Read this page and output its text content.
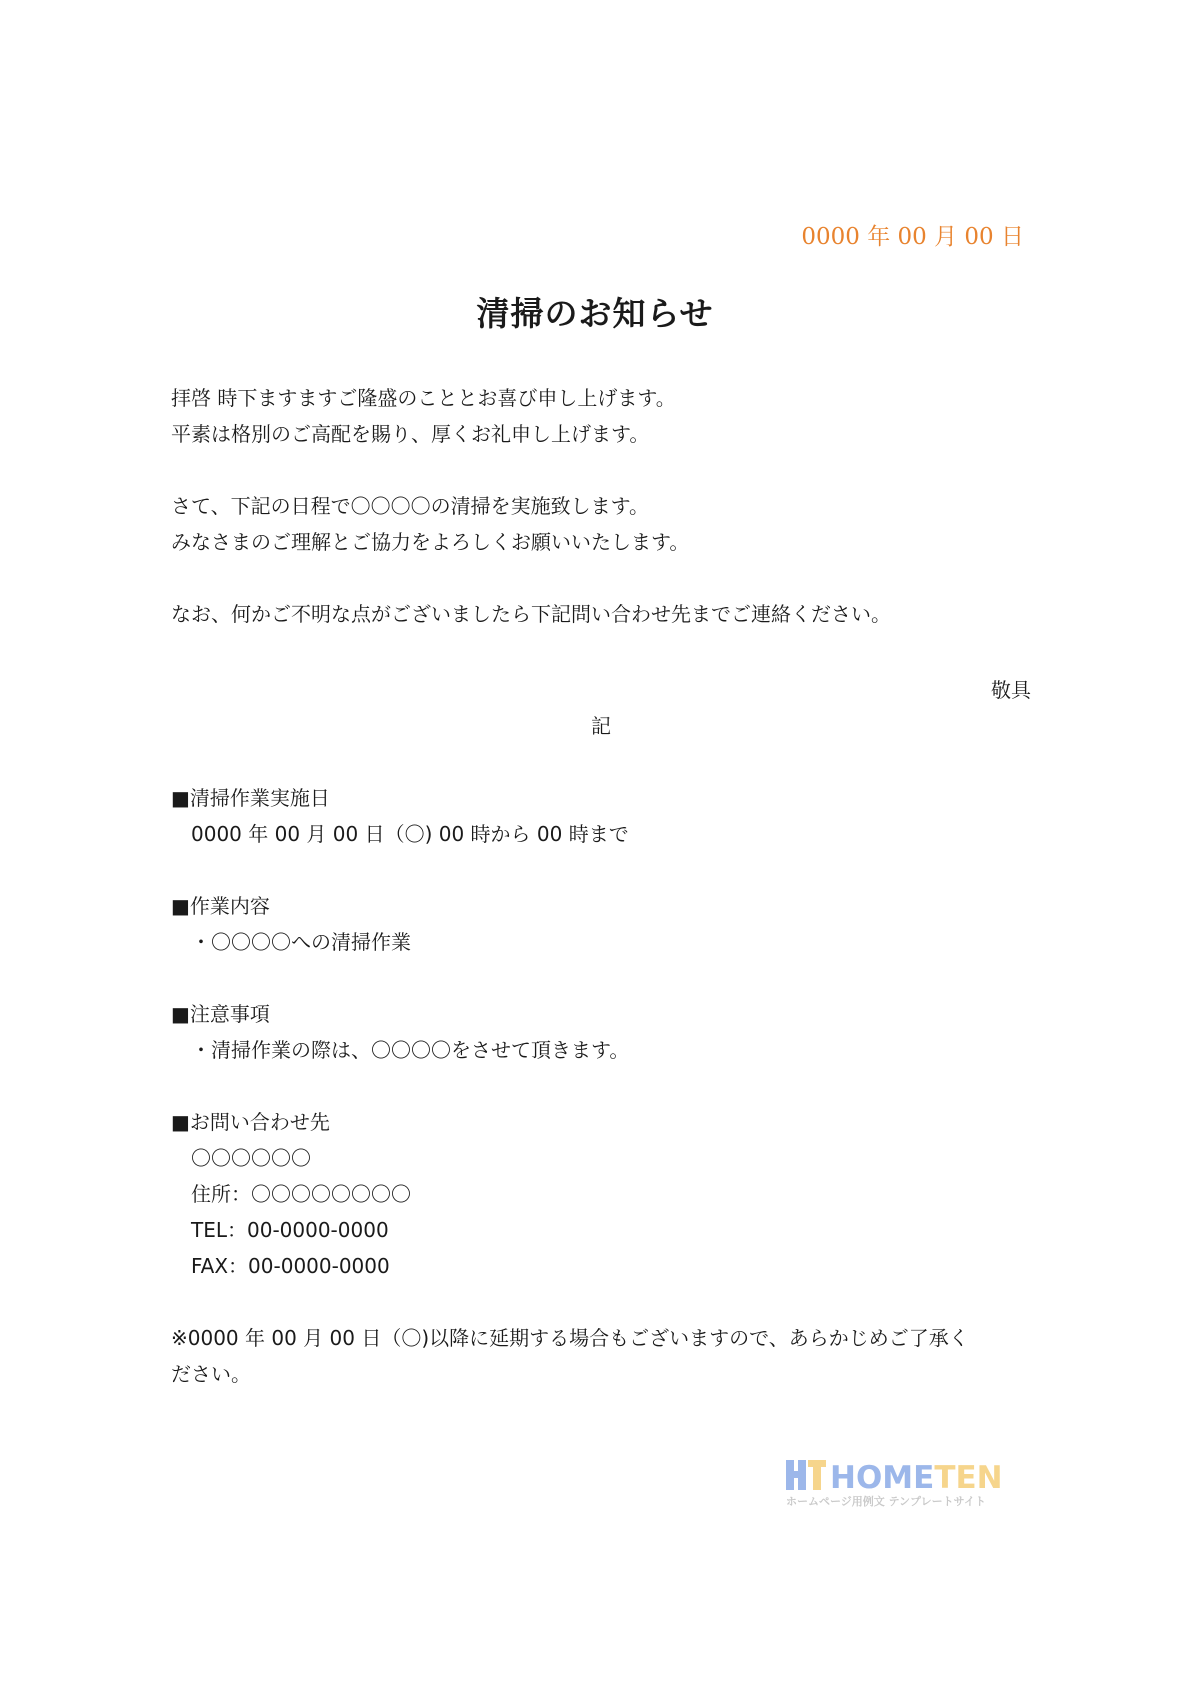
0000 年 00 月 00 日
清掃のお知らせ
拝啓 時下ますますご隆盛のこととお喜び申し上げます。
平素は格別のご高配を賜り、厚くお礼申し上げます。
さて、下記の日程で〇〇〇〇の清掃を実施致します。
みなさまのご理解とご協力をよろしくお願いいたします。
なお、何かご不明な点がございましたら下記問い合わせ先までご連絡ください。
敬具
記
■清掃作業実施日
0000 年 00 月 00 日（〇) 00 時から 00 時まで
■作業内容
・〇〇〇〇への清掃作業
■注意事項
・清掃作業の際は、〇〇〇〇をさせて頂きます。
■お問い合わせ先
〇〇〇〇〇〇
住所：〇〇〇〇〇〇〇〇
TEL：00-0000-0000
FAX：00-0000-0000
※0000 年 00 月 00 日（〇)以降に延期する場合もございますので、あらかじめご了承く
ださい。
HOMETEN
ホームページ用例文 テンプレートサイト
